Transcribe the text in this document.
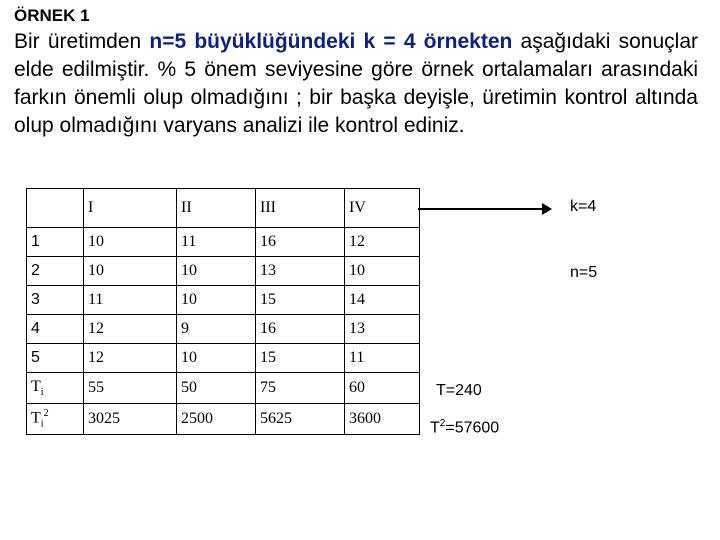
ÖRNEK 1
Bir üretimden n=5 büyüklüğündeki k = 4 örnekten aşağıdaki sonuçlar elde edilmiştir. % 5 önem seviyesine göre örnek ortalamaları arasındaki farkın önemli olup olmadığını ; bir başka deyişle, üretimin kontrol altında olup olmadığını varyans analizi ile kontrol ediniz.
	I	II	III	IV
1	10	11	16	12
2	10	10	13	10
3	11	10	15	14
4	12	9	16	13
5	12	10	15	11
$T_i$	55	50	75	60
$T_i^2$	3025	2500	5625	3600
k=4
n=5
T=240
$T^2=57600$
